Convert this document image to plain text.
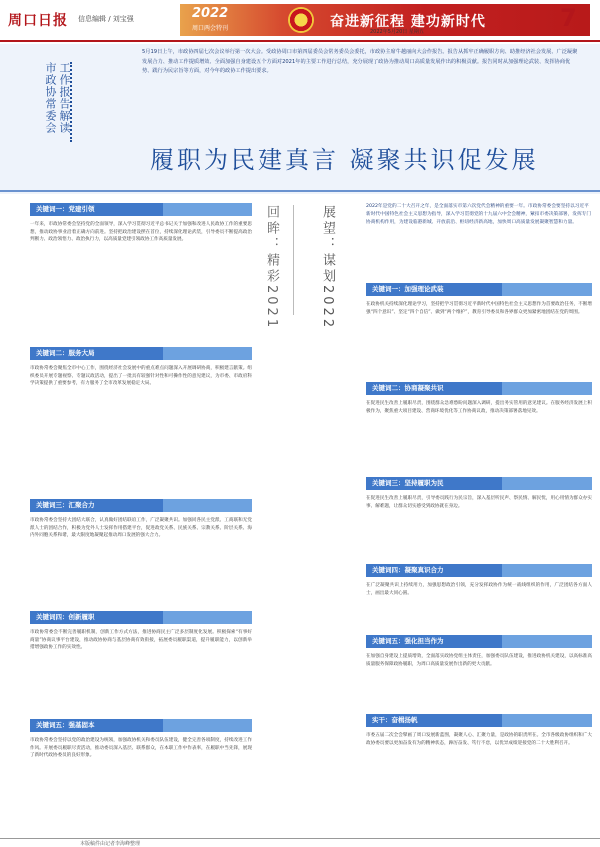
周口日报 信息编辑 / 刘宝强	2022
周口两会特刊	奋进新征程 建功新时代
2022年5月20日 星期五	7
市政协常委会 工作报告解读
5月19日上午，市政协四届七次会议举行第一次大会。受政协周口市第四届委员会常务委员会委托，市政协主席牛越丽向大会作报告。报告从抓牢正确履职方向、助推经济社会发展、广泛凝聚发展合力、推动工作提质增效、全面加强自身建设五个方面对2021年的主要工作进行总结，充分展现了政协为推动周口高质量发展作出的积极贡献。报告同时从加强理论武装、发挥协商优势、践行为民宗旨等方面，对今年的政协工作提出要求。
履职为民建真言 凝聚共识促发展
关键词一：党建引领
一年来，市政协常委会坚持党的全面领导，深入学习贯彻习近平总书记关于加强和改进人民政协工作的重要思想，推动政协事业沿着正确方向前进。坚持把政治建设摆在首位，持续深化理论武装，引导委员不断提高政治判断力、政治领悟力、政治执行力，以高质量党建引领政协工作高质量发展。
关键词二：服务大局
市政协常委会聚焦全市中心工作，围绕经济社会发展中的重点难点问题深入开展调研协商，积极建言献策。组织委员开展专题视察、专题议政活动，提出了一批具有较强针对性和可操作性的意见建议，为市委、市政府科学决策提供了重要参考，有力服务了全市改革发展稳定大局。
关键词三：汇聚合力
市政协常委会坚持大团结大联合，认真做好团结联谊工作，广泛凝聚共识。加强同各民主党派、工商联和无党派人士的团结合作，积极为党外人士发挥作用搭建平台，促进政党关系、民族关系、宗教关系、阶层关系、海内外同胞关系和谐，最大限度地凝聚起推动周口发展的强大合力。
关键词四：创新履职
市政协常委会不断完善履职机制，创新工作方式方法，推进协商民主广泛多层制度化发展。积极探索“有事好商量”协商议事平台建设，推动政协协商与基层协商有效衔接，拓展委员履职渠道，提升履职能力，以创新举措增强政协工作的实效性。
关键词五：强基固本
市政协常委会坚持以党的政治建设为统领，加强政协机关和委员队伍建设，健全完善各项制度，持续改进工作作风。开展委员履职尽责活动，推动委员深入基层、联系群众，在本职工作中作表率，在履职中当先锋，展现了新时代政协委员的良好形象。
回眸：精彩2021	展望：谋划2022	2022年是党的二十大召开之年，是全面落实市第六次党代会精神的重要一年。市政协常委会要坚持以习近平新时代中国特色社会主义思想为指导，深入学习贯彻党的十九届六中全会精神，紧扣市委决策部署，发挥专门协商机构作用，为建设临港新城、开放前沿、枢纽经济新高地，加快周口高质量发展凝聚智慧和力量。
关键词一：加强理论武装
在政协机关持续深化理论学习，坚持把学习贯彻习近平新时代中国特色社会主义思想作为首要政治任务，不断增强“四个意识”、坚定“四个自信”、做到“两个维护”，教育引导委员和各界群众更加紧密地团结在党的周围。
关键词二：协商凝聚共识
在促进民生改善上履职尽责，围绕群众急难愁盼问题深入调研，提出务实管用的意见建议。在服务经济发展上积极作为，聚焦重大项目建设、营商环境优化等工作协商议政，推动决策部署落地见效。
关键词三：坚持履职为民
在促进民生改善上履职尽责，引导委员践行为民宗旨，深入基层听民声、察民情、解民忧，用心用情为群众办实事、解难题，让群众切实感受到政协就在身边。
关键词四：凝聚真识合力
在广泛凝聚共识上持续用力，加强思想政治引领，充分发挥政协作为统一战线组织的作用，广泛团结各方面人士，画出最大同心圆。
关键词五：强化担当作为
在加强自身建设上提质增效，全面落实政协党组主体责任，加强委员队伍建设，推进政协机关建设，以高标准高质量服务保障政协履职，为周口高质量发展作出新的更大贡献。
实干：奋楫扬帆
市委五届二次全会擘画了周口发展新蓝图，凝聚人心、汇聚力量，是政协的职责所在。全市各级政协组织和广大政协委员要以更加奋发有为的精神状态，踔厉奋发、笃行不怠，以优异成绩迎接党的二十大胜利召开。
本版稿件由记者李海峰整理
